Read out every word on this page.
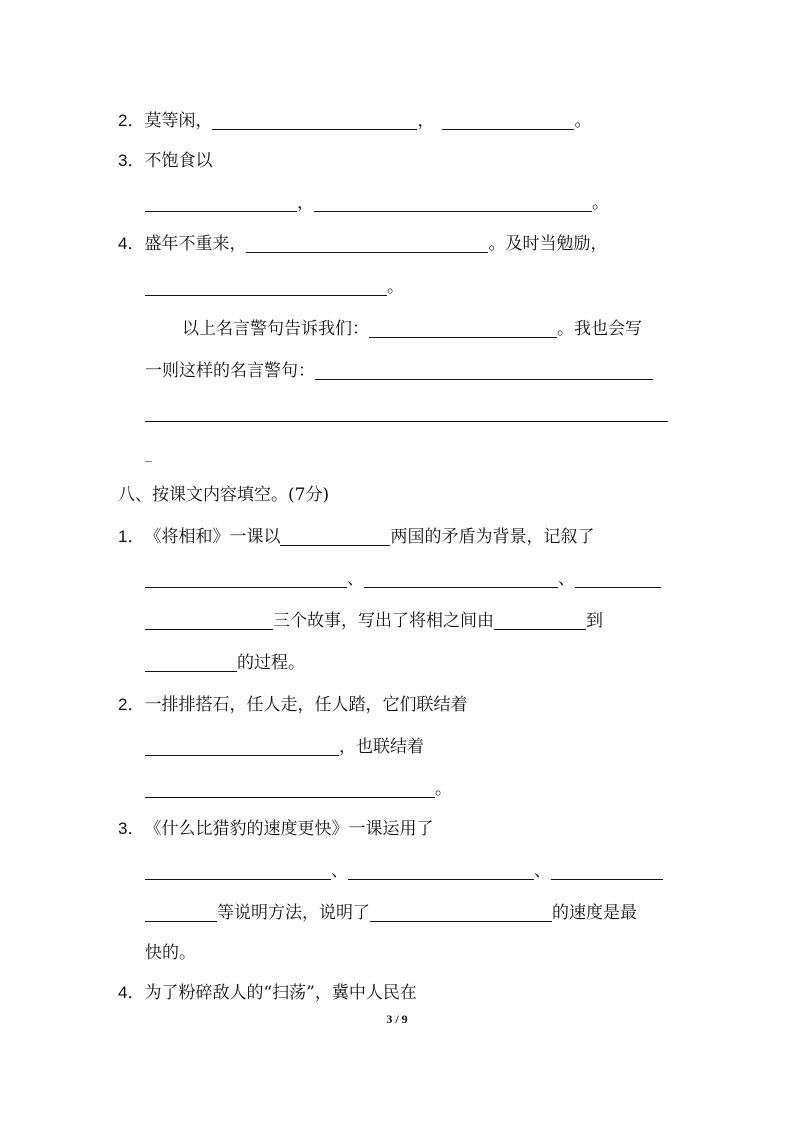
2．莫等闲，	，	。
3．不饱食以
，	。
4．盛年不重来，	。及时当勉励，
。
以上名言警句告诉我们：	。我也会写
一则这样的名言警句：
_
八、按课文内容填空。(7分)
1．《将相和》一课以	两国的矛盾为背景，记叙了
、	、
三个故事，写出了将相之间由	到
的过程。
2．一排排搭石，任人走，任人踏，它们联结着
，也联结着
。
3．《什么比猎豹的速度更快》一课运用了
、	、
等说明方法，说明了	的速度是最
快的。
4．为了粉碎敌人的“扫荡”，冀中人民在
3 / 9
